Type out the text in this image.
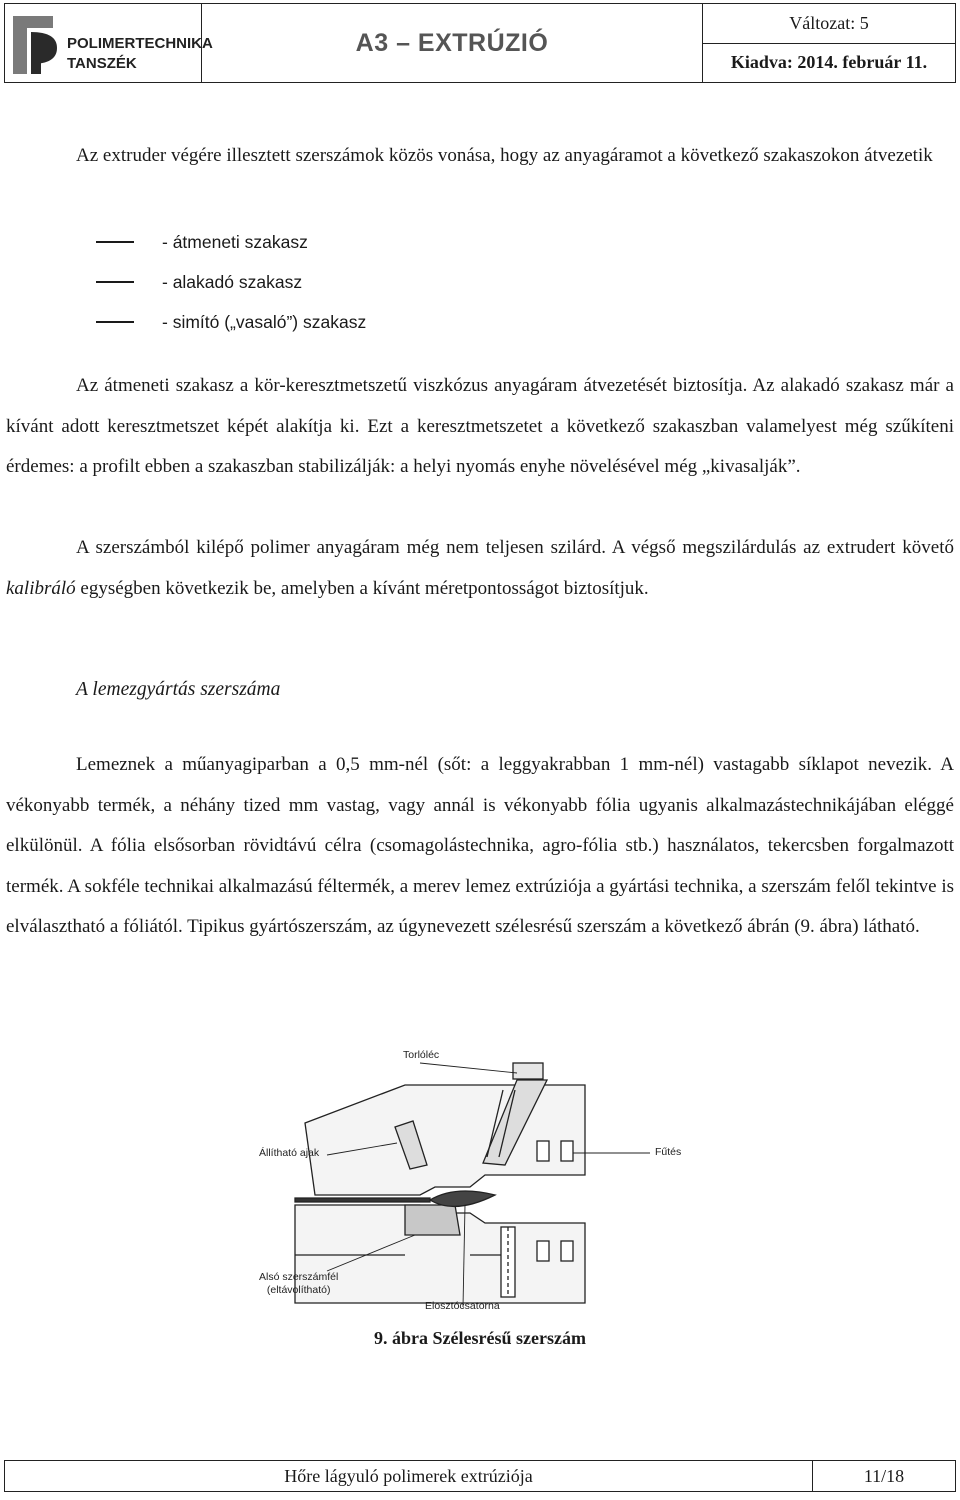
POLIMERTECHNIKA
TANSZÉK
A3 – EXTRÚZIÓ
Változat: 5
Kiadva: 2014. február 11.

Az extruder végére illesztett szerszámok közös vonása, hogy az anyagáramot a következő szakaszokon átvezetik

- átmeneti szakasz
- alakadó szakasz
- simító („vasaló”) szakasz

Az átmeneti szakasz a kör-keresztmetszetű viszkózus anyagáram átvezetését biztosítja. Az alakadó szakasz már a kívánt adott keresztmetszet képét alakítja ki. Ezt a keresztmetszetet a következő szakaszban valamelyest még szűkíteni érdemes: a profilt ebben a szakaszban stabilizálják: a helyi nyomás enyhe növelésével még „kivasalják”.

A szerszámból kilépő polimer anyagáram még nem teljesen szilárd. A végső megszilárdulás az extrudert követő kalibráló egységben következik be, amelyben a kívánt méretpontosságot biztosítjuk.

A lemezgyártás szerszáma

Lemeznek a műanyagiparban a 0,5 mm-nél (sőt: a leggyakrabban 1 mm-nél) vastagabb síklapot nevezik. A vékonyabb termék, a néhány tized mm vastag, vagy annál is vékonyabb fólia ugyanis alkalmazástechnikájában eléggé elkülönül. A fólia elsősorban rövidtávú célra (csomagolástechnika, agro-fólia stb.) használatos, tekercsben forgalmazott termék. A sokféle technikai alkalmazású féltermék, a merev lemez extrúziója a gyártási technika, a szerszám felől tekintve is elválasztható a fóliától. Tipikus gyártószerszám, az úgynevezett szélesrésű szerszám a következő ábrán (9. ábra) látható.

Torlóléc
Állítható ajak	Fűtés
Alsó szerszámfél
(eltávolítható)
Elosztócsatorna
9. ábra Szélesrésű szerszám
Hőre lágyuló polimerek extrúziója	11/18
